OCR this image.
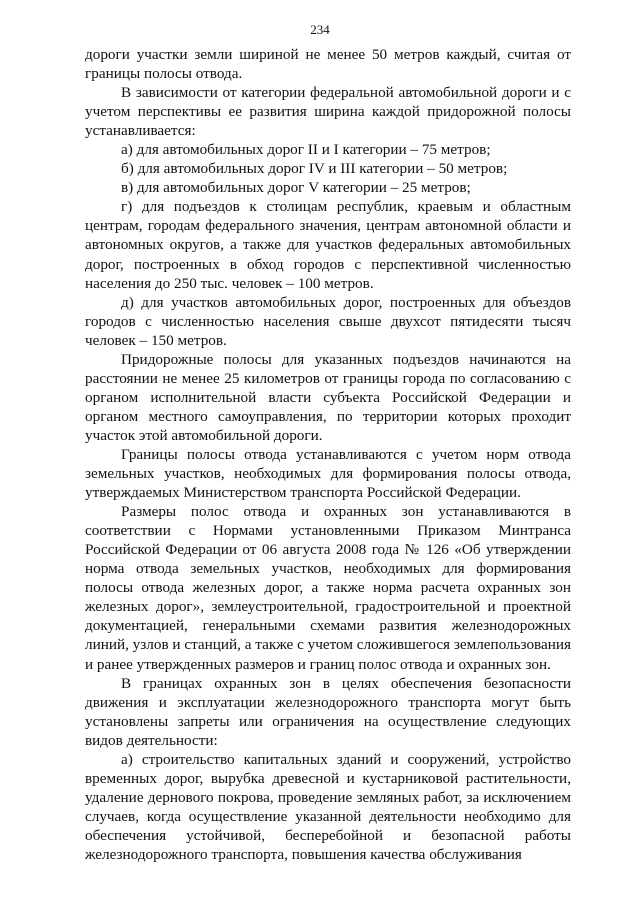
234

дороги участки земли шириной не менее 50 метров каждый, считая от границы полосы отвода.

В зависимости от категории федеральной автомобильной дороги и с учетом перспективы ее развития ширина каждой придорожной полосы устанавливается:

а) для автомобильных дорог II и I категории – 75 метров;

б) для автомобильных дорог IV и III категории – 50 метров;

в) для автомобильных дорог V категории – 25 метров;

г) для подъездов к столицам республик, краевым и областным центрам, городам федерального значения, центрам автономной области и автономных округов, а также для участков федеральных автомобильных дорог, построенных в обход городов с перспективной численностью населения до 250 тыс. человек – 100 метров.

д) для участков автомобильных дорог, построенных для объездов городов с численностью населения свыше двухсот пятидесяти тысяч человек – 150 метров.

Придорожные полосы для указанных подъездов начинаются на расстоянии не менее 25 километров от границы города по согласованию с органом исполнительной власти субъекта Российской Федерации и органом местного самоуправления, по территории которых проходит участок этой автомобильной дороги.

Границы полосы отвода устанавливаются с учетом норм отвода земельных участков, необходимых для формирования полосы отвода, утверждаемых Министерством транспорта Российской Федерации.

Размеры полос отвода и охранных зон устанавливаются в соответствии с Нормами установленными Приказом Минтранса Российской Федерации от 06 августа 2008 года № 126 «Об утверждении норма отвода земельных участков, необходимых для формирования полосы отвода железных дорог, а также норма расчета охранных зон железных дорог», землеустроительной, градостроительной и проектной документацией, генеральными схемами развития железнодорожных линий, узлов и станций, а также с учетом сложившегося землепользования и ранее утвержденных размеров и границ полос отвода и охранных зон.

В границах охранных зон в целях обеспечения безопасности движения и эксплуатации железнодорожного транспорта могут быть установлены запреты или ограничения на осуществление следующих видов деятельности:

а) строительство капитальных зданий и сооружений, устройство временных дорог, вырубка древесной и кустарниковой растительности, удаление дернового покрова, проведение земляных работ, за исключением случаев, когда осуществление указанной деятельности необходимо для обеспечения устойчивой, бесперебойной и безопасной работы железнодорожного транспорта, повышения качества обслуживания
